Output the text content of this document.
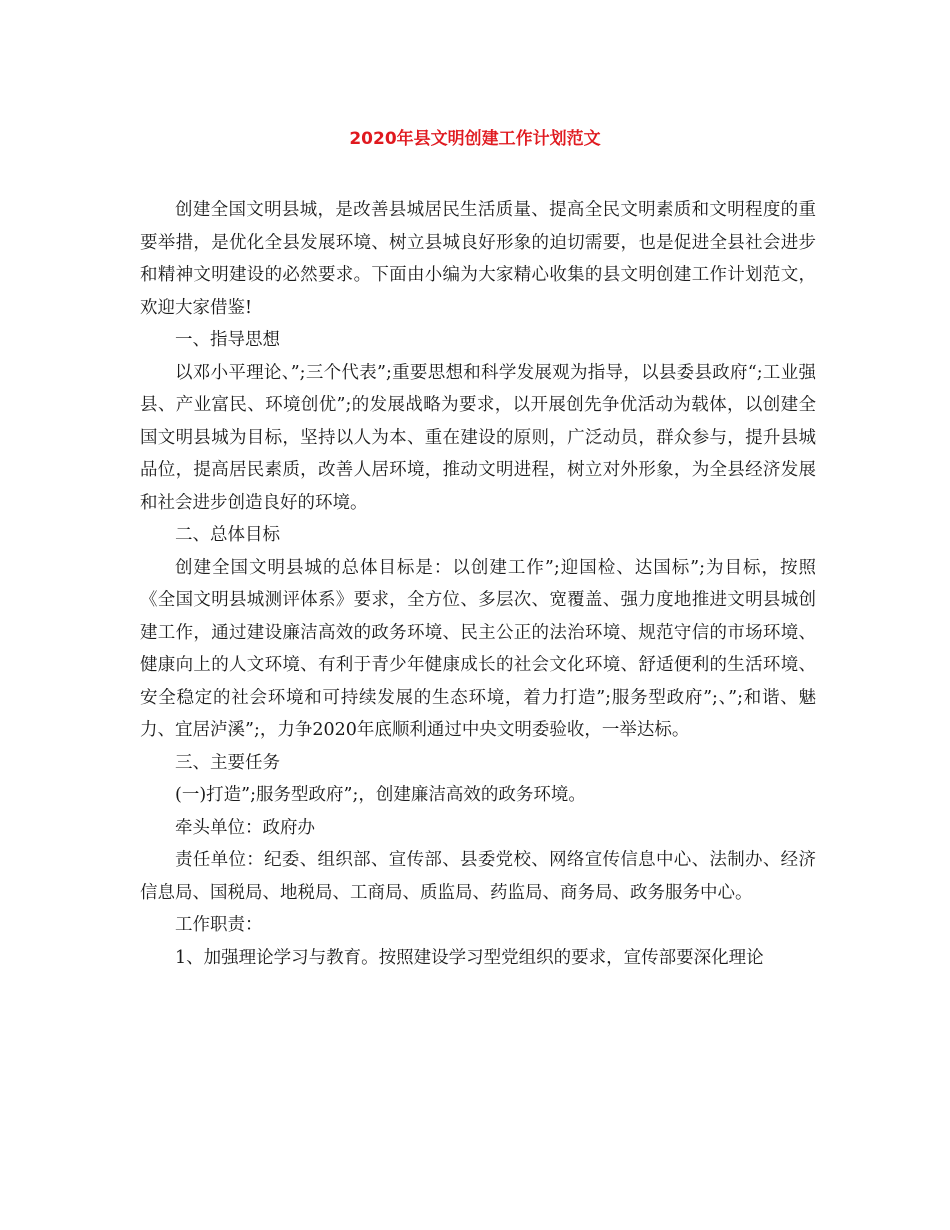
2020年县文明创建工作计划范文

创建全国文明县城，是改善县城居民生活质量、提高全民文明素质和文明程度的重要举措，是优化全县发展环境、树立县城良好形象的迫切需要，也是促进全县社会进步和精神文明建设的必然要求。下面由小编为大家精心收集的县文明创建工作计划范文，欢迎大家借鉴!

一、指导思想

以邓小平理论、”;三个代表”;重要思想和科学发展观为指导，以县委县政府“;工业强县、产业富民、环境创优”;的发展战略为要求，以开展创先争优活动为载体，以创建全国文明县城为目标，坚持以人为本、重在建设的原则，广泛动员，群众参与，提升县城品位，提高居民素质，改善人居环境，推动文明进程，树立对外形象，为全县经济发展和社会进步创造良好的环境。

二、总体目标

创建全国文明县城的总体目标是：以创建工作”;迎国检、达国标”;为目标，按照《全国文明县城测评体系》要求，全方位、多层次、宽覆盖、强力度地推进文明县城创建工作，通过建设廉洁高效的政务环境、民主公正的法治环境、规范守信的市场环境、健康向上的人文环境、有利于青少年健康成长的社会文化环境、舒适便利的生活环境、安全稳定的社会环境和可持续发展的生态环境，着力打造”;服务型政府”;、”;和谐、魅力、宜居泸溪”;，力争2020年底顺利通过中央文明委验收，一举达标。

三、主要任务

(一)打造”;服务型政府”;，创建廉洁高效的政务环境。

牵头单位：政府办

责任单位：纪委、组织部、宣传部、县委党校、网络宣传信息中心、法制办、经济信息局、国税局、地税局、工商局、质监局、药监局、商务局、政务服务中心。

工作职责：

1、加强理论学习与教育。按照建设学习型党组织的要求，宣传部要深化理论
